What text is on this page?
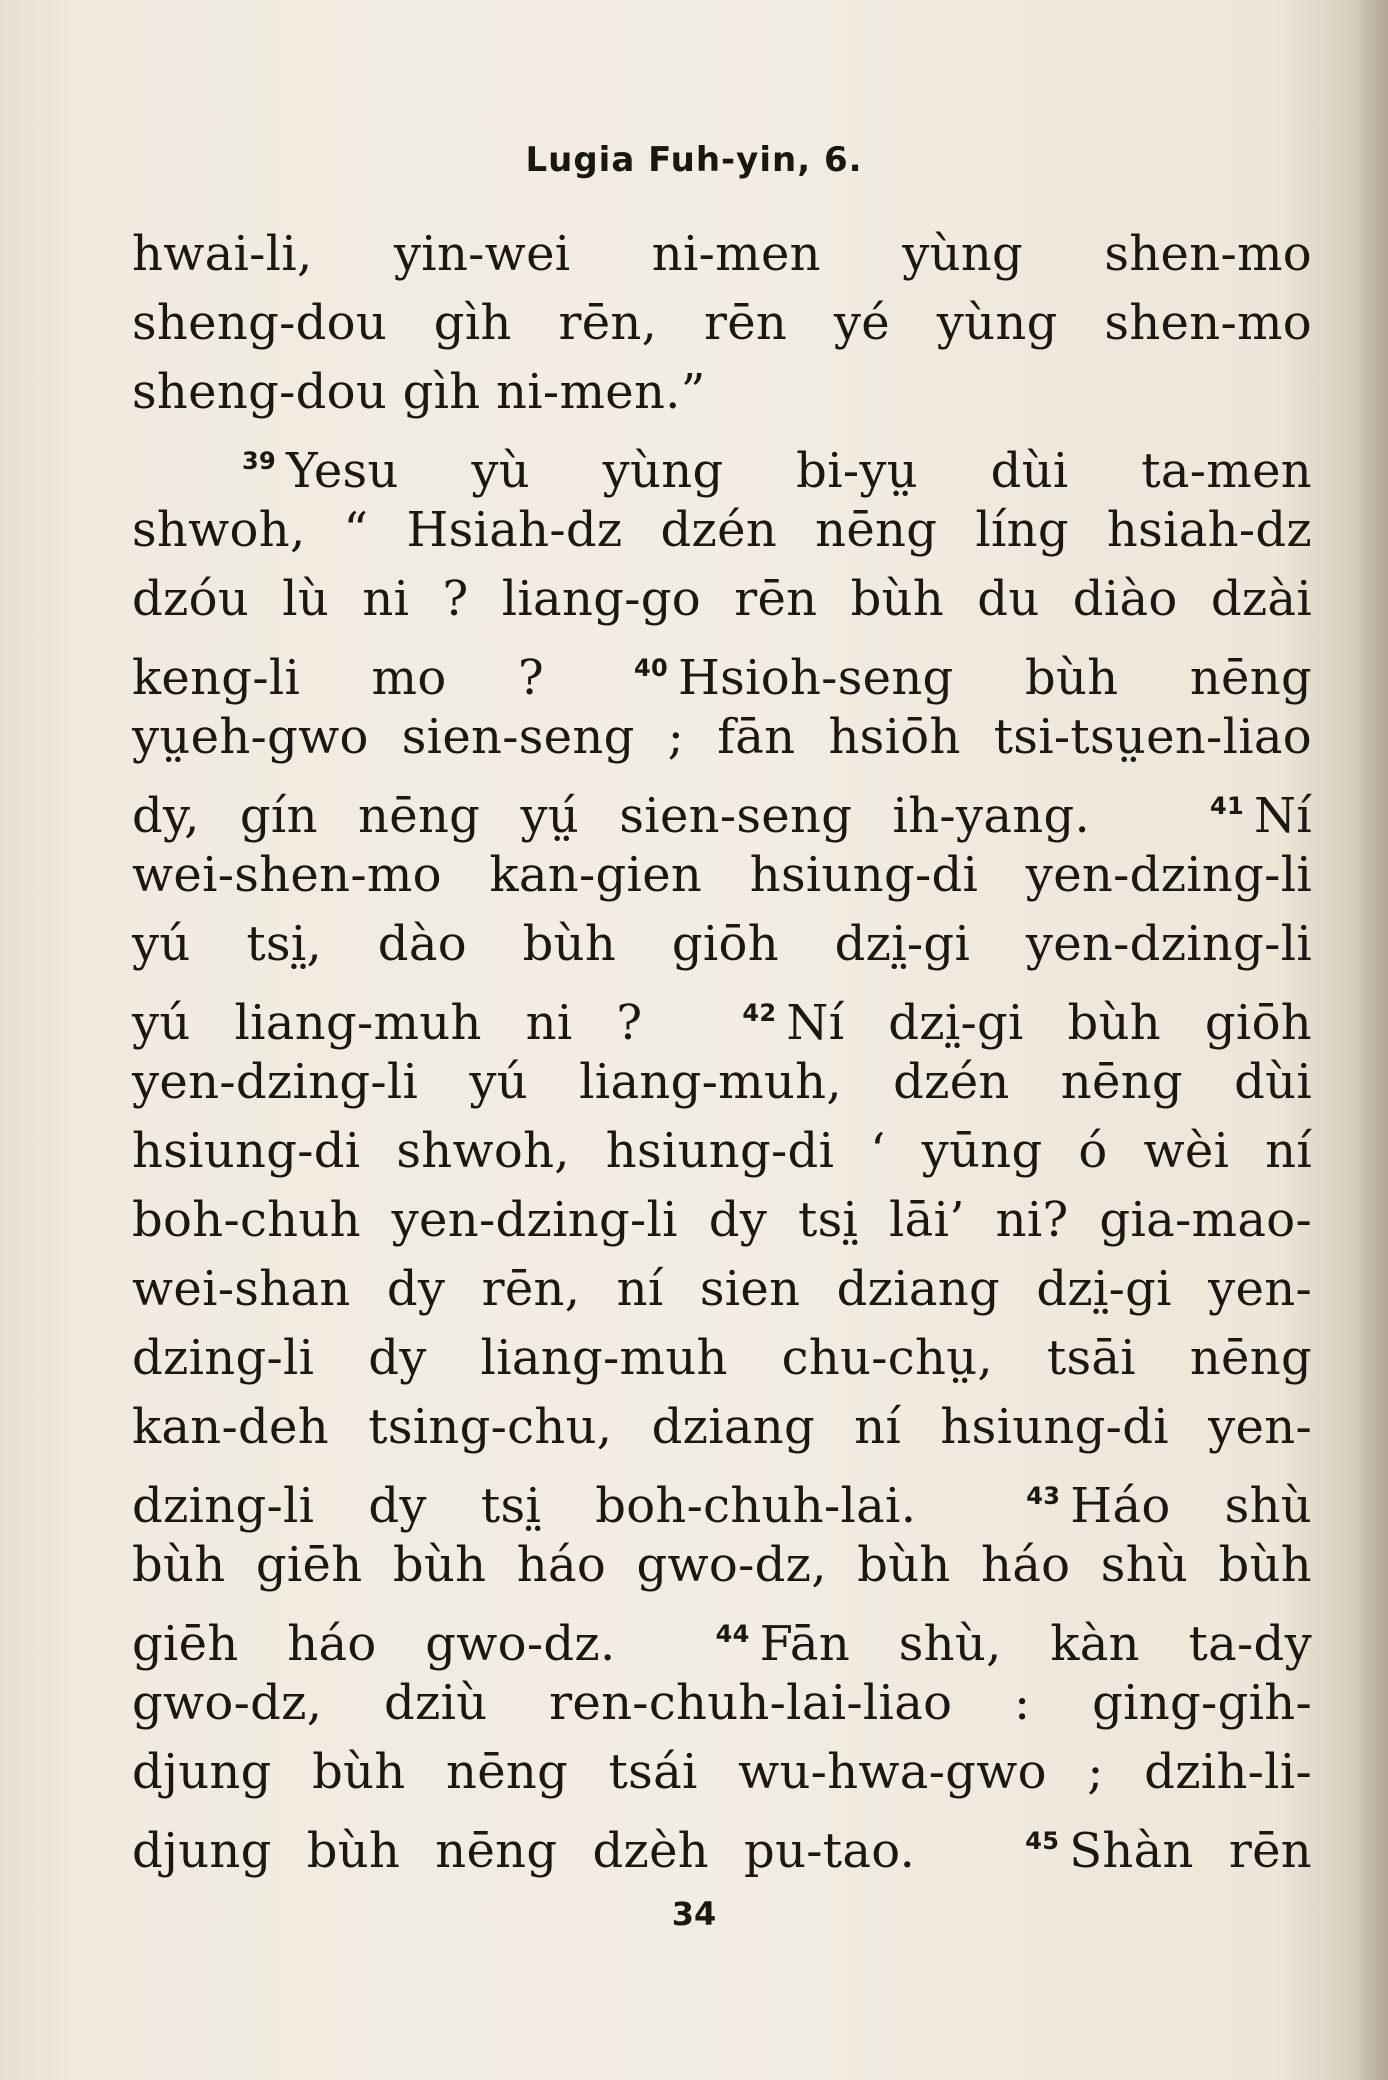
Lugia Fuh-yin, 6.
hwai-li, yin-wei ni-men yùng shen-mo
sheng-dou gìh rēn, rēn yé yùng shen-mo
sheng-dou gìh ni-men.”
$^{39}$ Yesu yù yùng bi-yṳ dùi ta-men
shwoh, “ Hsiah-dz dzén nēng líng hsiah-dz
dzóu lù ni ? liang-go rēn bùh du diào dzài
keng-li mo ?	$^{40}$ Hsioh-seng bùh nēng
yṳeh-gwo sien-seng ; fān hsiōh tsi-tsṳen-liao
dy, gín nēng yṳ́ sien-seng ih-yang.	$^{41}$ Ní
wei-shen-mo kan-gien hsiung-di yen-dzing-li
yú tsi̤, dào bùh giōh dzi̤-gi yen-dzing-li
yú liang-muh ni ?	$^{42}$ Ní dzi̤-gi bùh giōh
yen-dzing-li yú liang-muh, dzén nēng dùi
hsiung-di shwoh, hsiung-di ‘ yūng ó wèi ní
boh-chuh yen-dzing-li dy tsi̤ lāi’ ni? gia-mao-
wei-shan dy rēn, ní sien dziang dzi̤-gi yen-
dzing-li dy liang-muh chu-chṳ, tsāi nēng
kan-deh tsing-chu, dziang ní hsiung-di yen-
dzing-li dy tsi̤ boh-chuh-lai.	$^{43}$ Háo shù
bùh giēh bùh háo gwo-dz, bùh háo shù bùh
giēh háo gwo-dz.	$^{44}$ Fān shù, kàn ta-dy
gwo-dz, dziù ren-chuh-lai-liao : ging-gih-
djung bùh nēng tsái wu-hwa-gwo ; dzih-li-
djung bùh nēng dzèh pu-tao.	$^{45}$ Shàn rēn
34
